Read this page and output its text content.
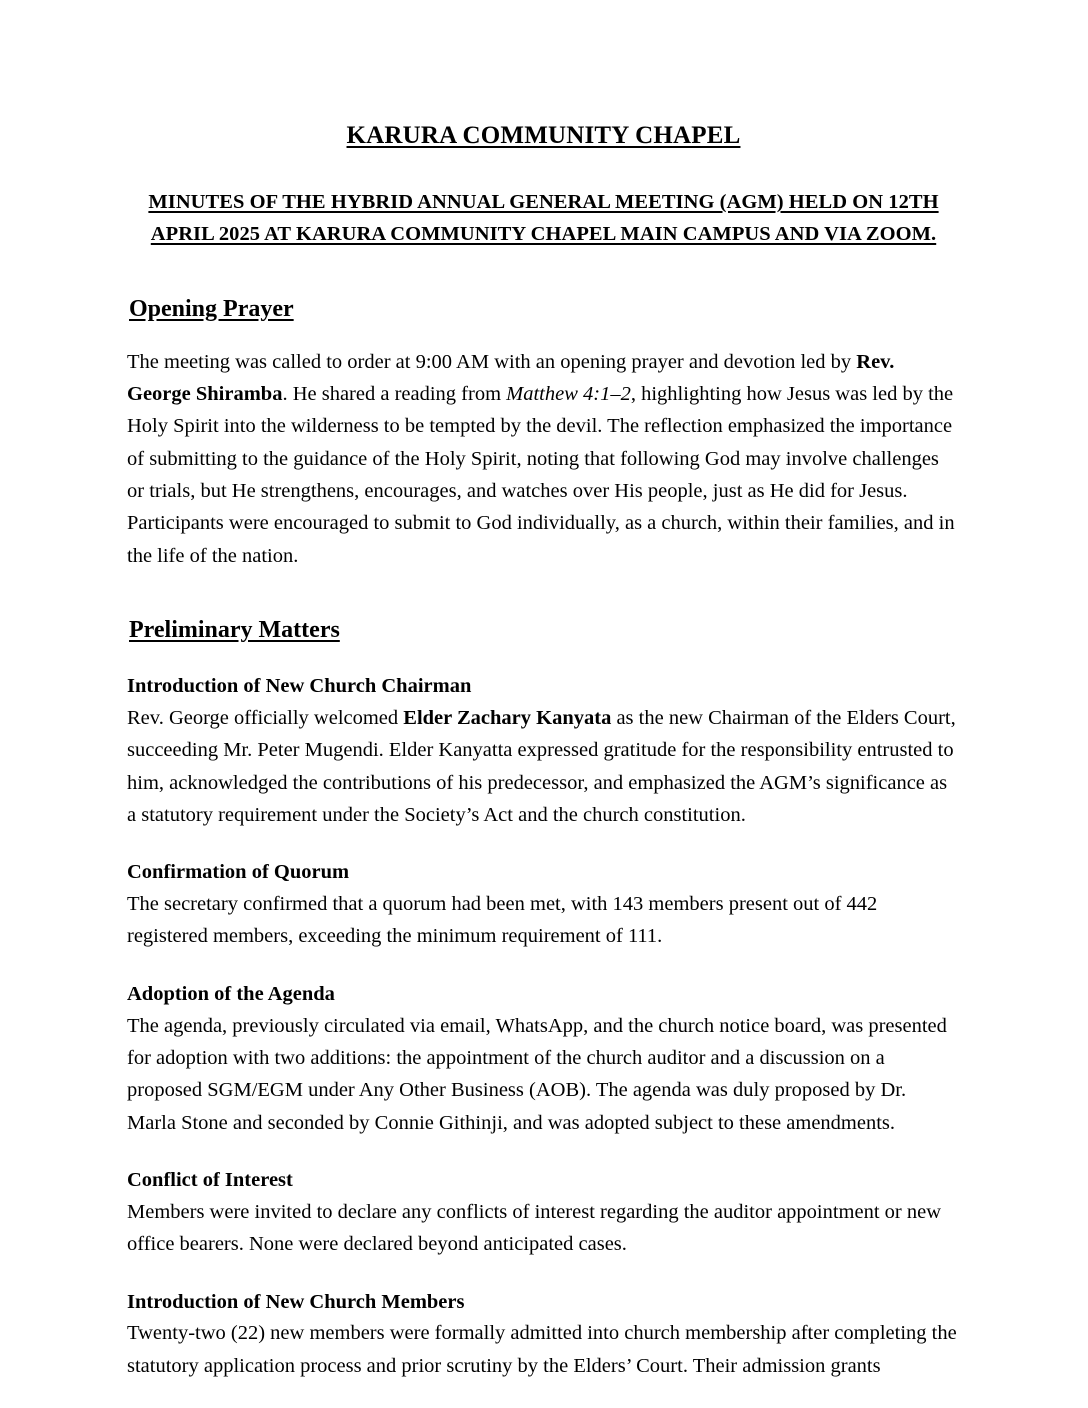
KARURA COMMUNITY CHAPEL
MINUTES OF THE HYBRID ANNUAL GENERAL MEETING (AGM) HELD ON 12TH APRIL 2025 AT KARURA COMMUNITY CHAPEL MAIN CAMPUS AND VIA ZOOM.
Opening Prayer

The meeting was called to order at 9:00 AM with an opening prayer and devotion led by Rev. George Shiramba. He shared a reading from Matthew 4:1–2, highlighting how Jesus was led by the Holy Spirit into the wilderness to be tempted by the devil. The reflection emphasized the importance of submitting to the guidance of the Holy Spirit, noting that following God may involve challenges or trials, but He strengthens, encourages, and watches over His people, just as He did for Jesus. Participants were encouraged to submit to God individually, as a church, within their families, and in the life of the nation.

Preliminary Matters
Introduction of New Church Chairman

Rev. George officially welcomed Elder Zachary Kanyata as the new Chairman of the Elders Court, succeeding Mr. Peter Mugendi. Elder Kanyatta expressed gratitude for the responsibility entrusted to him, acknowledged the contributions of his predecessor, and emphasized the AGM’s significance as a statutory requirement under the Society’s Act and the church constitution.

Confirmation of Quorum

The secretary confirmed that a quorum had been met, with 143 members present out of 442 registered members, exceeding the minimum requirement of 111.

Adoption of the Agenda

The agenda, previously circulated via email, WhatsApp, and the church notice board, was presented for adoption with two additions: the appointment of the church auditor and a discussion on a proposed SGM/EGM under Any Other Business (AOB). The agenda was duly proposed by Dr. Marla Stone and seconded by Connie Githinji, and was adopted subject to these amendments.

Conflict of Interest

Members were invited to declare any conflicts of interest regarding the auditor appointment or new office bearers. None were declared beyond anticipated cases.

Introduction of New Church Members

Twenty-two (22) new members were formally admitted into church membership after completing the statutory application process and prior scrutiny by the Elders’ Court. Their admission grants
